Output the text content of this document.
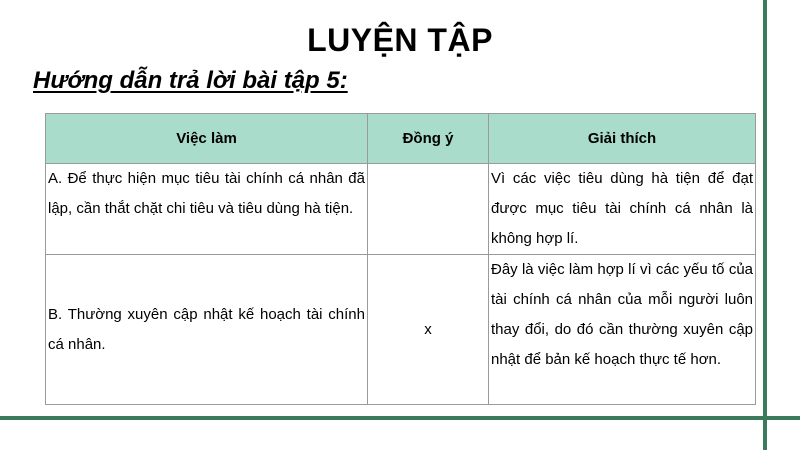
LUYỆN TẬP
Hướng dẫn trả lời bài tập 5:
Việc làm	Đồng ý	Giải thích
A. Để thực hiện mục tiêu tài chính cá nhân đã lập, cần thắt chặt chi tiêu và tiêu dùng hà tiện.		Vì các việc tiêu dùng hà tiện để đạt được mục tiêu tài chính cá nhân là không hợp lí.
B. Thường xuyên cập nhật kế hoạch tài chính cá nhân.	x	Đây là việc làm hợp lí vì các yếu tố của tài chính cá nhân của mỗi người luôn thay đổi, do đó cần thường xuyên cập nhật để bản kế hoạch thực tế hơn.
